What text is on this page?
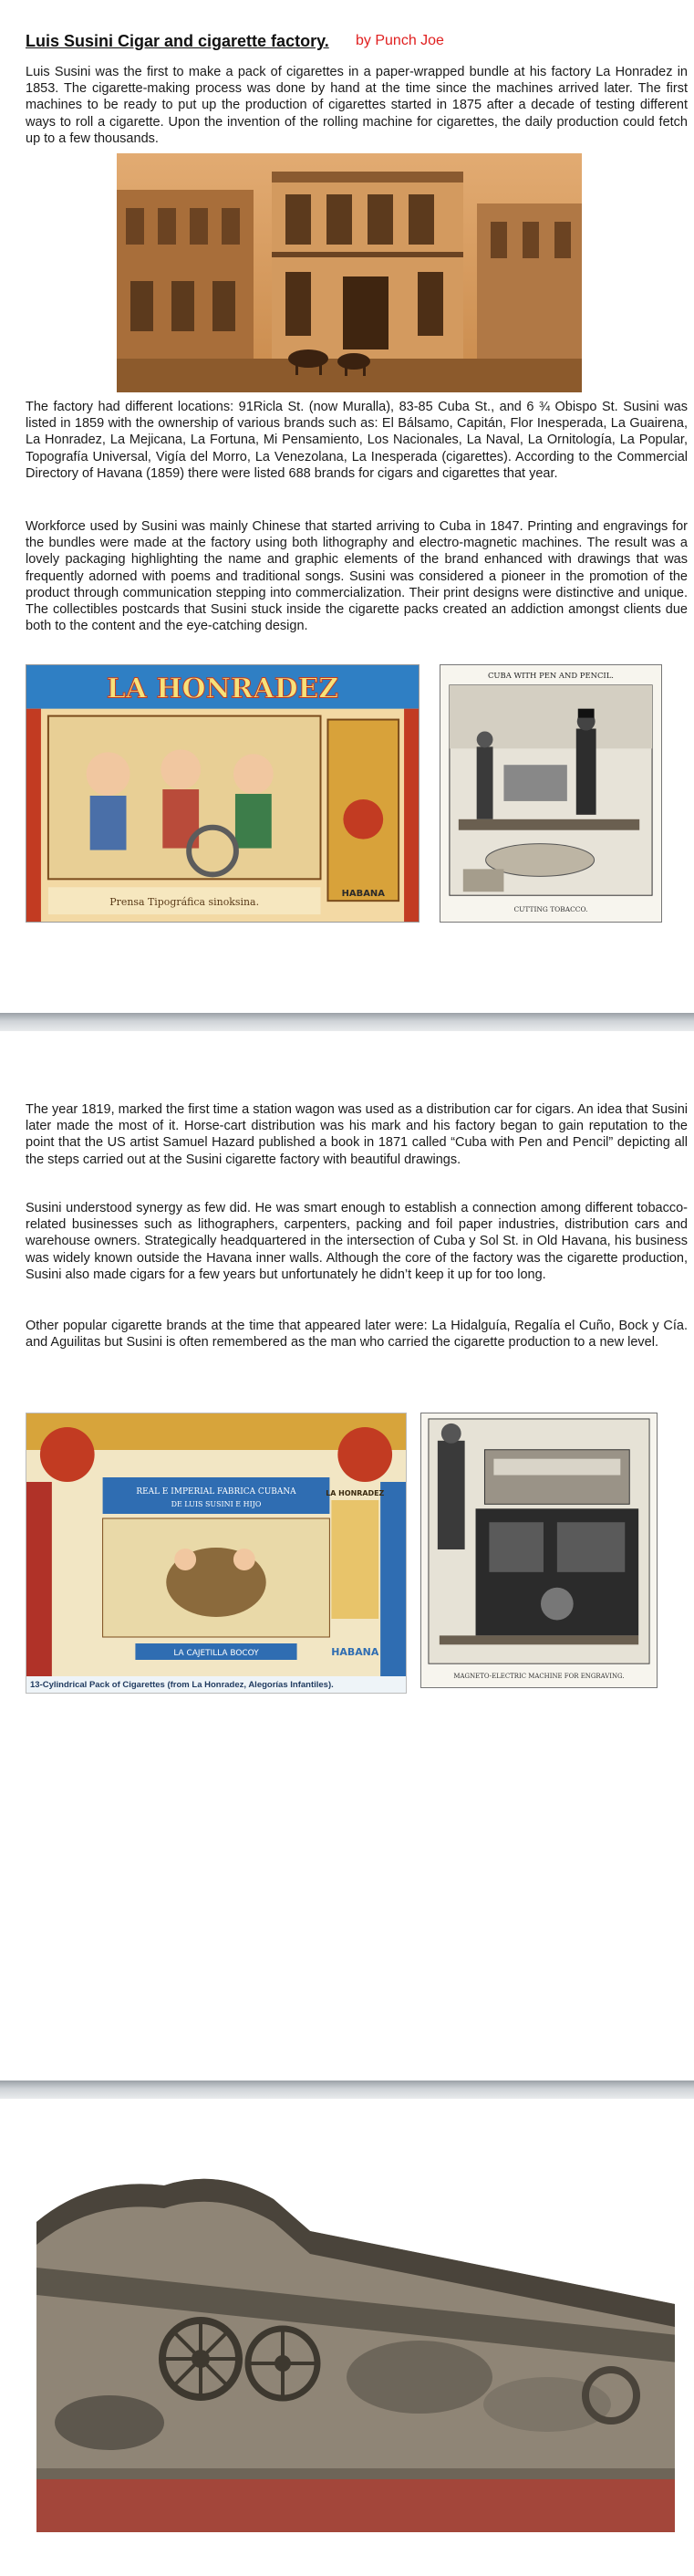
Luis Susini Cigar and cigarette factory. by Punch Joe

Luis Susini was the first to make a pack of cigarettes in a paper-wrapped bundle at his factory La Honradez in 1853. The cigarette-making process was done by hand at the time since the machines arrived later. The first machines to be ready to put up the production of cigarettes started in 1875 after a decade of testing different ways to roll a cigarette. Upon the invention of the rolling machine for cigarettes, the daily production could fetch up to a few thousands.

The factory had different locations: 91Ricla St. (now Muralla), 83-85 Cuba St., and 6 ¾ Obispo St. Susini was listed in 1859 with the ownership of various brands such as: El Bálsamo, Capitán, Flor Inesperada, La Guairena, La Honradez, La Mejicana, La Fortuna, Mi Pensamiento, Los Nacionales, La Naval, La Ornitología, La Popular, Topografía Universal, Vigía del Morro, La Venezolana, La Inesperada (cigarettes). According to the Commercial Directory of Havana (1859) there were listed 688 brands for cigars and cigarettes that year.

Workforce used by Susini was mainly Chinese that started arriving to Cuba in 1847. Printing and engravings for the bundles were made at the factory using both lithography and electro-magnetic machines. The result was a lovely packaging highlighting the name and graphic elements of the brand enhanced with drawings that was frequently adorned with poems and traditional songs. Susini was considered a pioneer in the promotion of the product through communication stepping into commercialization. Their print designs were distinctive and unique. The collectibles postcards that Susini stuck inside the cigarette packs created an addiction amongst clients due both to the content and the eye-catching design.

LA HONRADEZ
HABANA
Prensa Tipográfica sinoksina.
CUBA WITH PEN AND PENCIL.
CUTTING TOBACCO.

The year 1819, marked the first time a station wagon was used as a distribution car for cigars. An idea that Susini later made the most of it. Horse-cart distribution was his mark and his factory began to gain reputation to the point that the US artist Samuel Hazard published a book in 1871 called “Cuba with Pen and Pencil” depicting all the steps carried out at the Susini cigarette factory with beautiful drawings.

Susini understood synergy as few did. He was smart enough to establish a connection among different tobacco-related businesses such as lithographers, carpenters, packing and foil paper industries, distribution cars and warehouse owners. Strategically headquartered in the intersection of Cuba y Sol St. in Old Havana, his business was widely known outside the Havana inner walls. Although the core of the factory was the cigarette production, Susini also made cigars for a few years but unfortunately he didn’t keep it up for too long.

Other popular cigarette brands at the time that appeared later were: La Hidalguía, Regalía el Cuño, Bock y Cía. and Aguilitas but Susini is often remembered as the man who carried the cigarette production to a new level.

REAL E IMPERIAL FABRICA CUBANA
DE LUIS SUSINI E HIJO
LA HONRADEZ
LA CAJETILLA BOCOY	HABANA
13-Cylindrical Pack of Cigarettes (from La Honradez, Alegorías Infantiles).
MAGNETO-ELECTRIC MACHINE FOR ENGRAVING.
